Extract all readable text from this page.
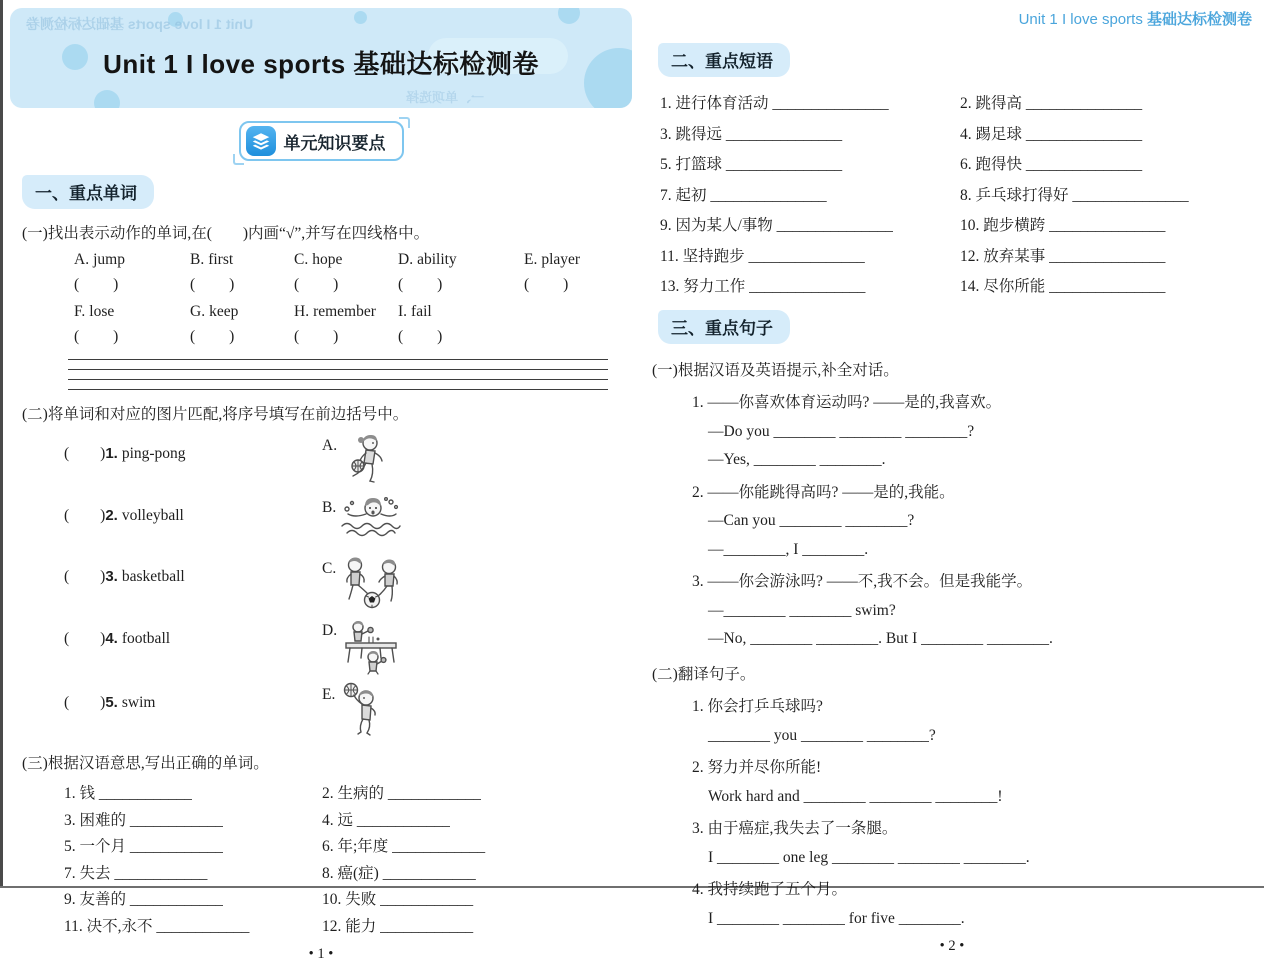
Unit 1 I love sports 基础达标检测卷
一、单项选择
Unit 1 I love sports 基础达标检测卷
单元知识要点
一、重点单词

(一)找出表示动作的单词,在(　　)内画“√”,并写在四线格中。

A. jump
(　　)
B. first
(　　)
C. hope
(　　)
D. ability
(　　)
E. player
(　　)
F. lose
(　　)
G. keep
(　　)
H. remember
(　　)
I. fail
(　　)

(二)将单词和对应的图片匹配,将序号填写在前边括号中。

(　　)1. ping-pong	A.
(　　)2. volleyball	B.
(　　)3. basketball	C.
(　　)4. football	D.
(　　)5. swim	E.

(三)根据汉语意思,写出正确的单词。

1. 钱 ____________	2. 生病的 ____________
3. 困难的 ____________	4. 远 ____________
5. 一个月 ____________	6. 年;年度 ____________
7. 失去 ____________	8. 癌(症) ____________
9. 友善的 ____________	10. 失败 ____________
11. 决不,永不 ____________	12. 能力 ____________
• 1 •
Unit 1 I love sports 基础达标检测卷
二、重点短语
1. 进行体育活动 _______________	2. 跳得高 _______________
3. 跳得远 _______________	4. 踢足球 _______________
5. 打篮球 _______________	6. 跑得快 _______________
7. 起初 _______________	8. 乒乓球打得好 _______________
9. 因为某人/事物 _______________	10. 跑步横跨 _______________
11. 坚持跑步 _______________	12. 放弃某事 _______________
13. 努力工作 _______________	14. 尽你所能 _______________
三、重点句子

(一)根据汉语及英语提示,补全对话。

1. ——你喜欢体育运动吗? ——是的,我喜欢。
—Do you ________ ________ ________?
—Yes, ________ ________.
2. ——你能跳得高吗? ——是的,我能。
—Can you ________ ________?
—________, I ________.
3. ——你会游泳吗? ——不,我不会。但是我能学。
—________ ________ swim?
—No, ________ ________. But I ________ ________.

(二)翻译句子。

1. 你会打乒乓球吗?
________ you ________ ________?
2. 努力并尽你所能!
Work hard and ________ ________ ________!
3. 由于癌症,我失去了一条腿。
I ________ one leg ________ ________ ________.
4. 我持续跑了五个月。
I ________ ________ for five ________.
• 2 •
